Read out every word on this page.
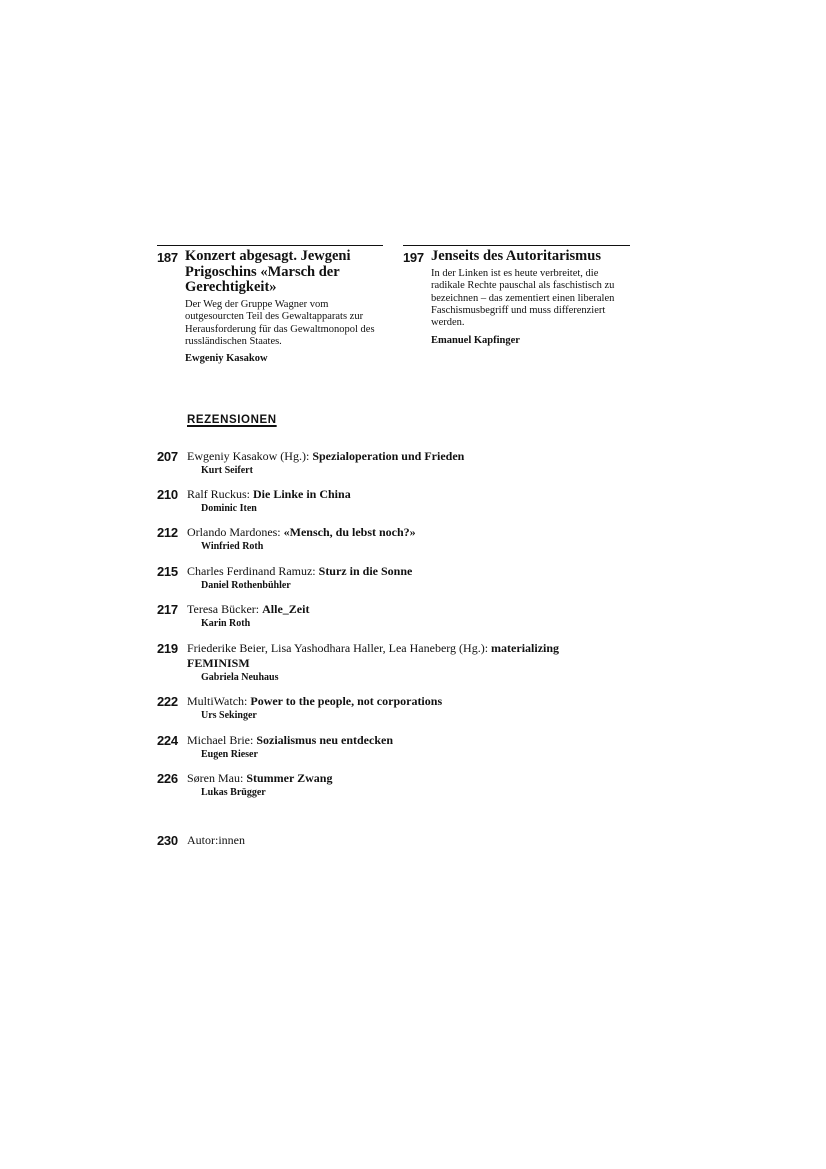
187 Konzert abgesagt. Jewgeni Prigoschins «Marsch der Gerechtigkeit»
Der Weg der Gruppe Wagner vom outgesourcten Teil des Gewaltapparats zur Herausforderung für das Gewaltmonopol des russländischen Staates.
Ewgeniy Kasakow
197 Jenseits des Autoritarismus
In der Linken ist es heute verbreitet, die radikale Rechte pauschal als faschistisch zu bezeichnen – das zementiert einen liberalen Faschismusbegriff und muss differenziert werden.
Emanuel Kapfinger
REZENSIONEN
207 Ewgeniy Kasakow (Hg.): Spezialoperation und Frieden
Kurt Seifert
210 Ralf Ruckus: Die Linke in China
Dominic Iten
212 Orlando Mardones: «Mensch, du lebst noch?»
Winfried Roth
215 Charles Ferdinand Ramuz: Sturz in die Sonne
Daniel Rothenbühler
217 Teresa Bücker: Alle_Zeit
Karin Roth
219 Friederike Beier, Lisa Yashodhara Haller, Lea Haneberg (Hg.): materializing FEMINISM
Gabriela Neuhaus
222 MultiWatch: Power to the people, not corporations
Urs Sekinger
224 Michael Brie: Sozialismus neu entdecken
Eugen Rieser
226 Søren Mau: Stummer Zwang
Lukas Brügger
230 Autor:innen
